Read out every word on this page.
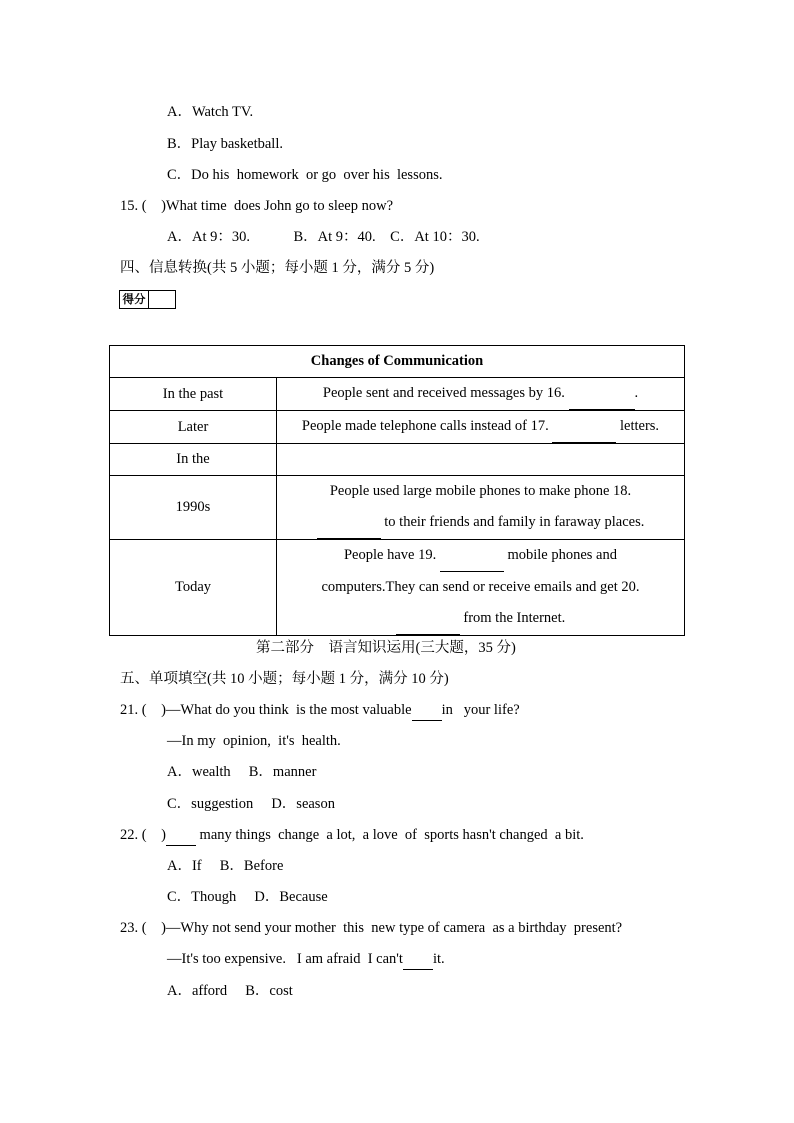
A．Watch TV.
B．Play basketball.
C．Do his  homework  or go  over his  lessons.
15. (    )What time  does John go to sleep now?
A．At 9：30.            B．At 9：40.    C．At 10：30.
四、信息转换(共 5 小题；每小题 1 分，满分 5 分)
得分
Changes of Communication	
In the past	People sent and received messages by 16. .
Later	People made telephone calls instead of 17. letters.
In the	
1990s	People used large mobile phones to make phone 18.
to their friends and family in faraway places.

Today	People have 19. mobile phones and
computers.They can send or receive emails and get 20.
from the Internet.
第二部分    语言知识运用(三大题，35 分)
五、单项填空(共 10 小题；每小题 1 分，满分 10 分)
21. (    )—What do you think  is the most valuable in   your life?
—In my  opinion,  it's  health.
A．wealth     B．manner
C．suggestion     D．season
22. (    ) many things  change  a lot,  a love  of  sports hasn't changed  a bit.
A．If     B．Before
C．Though     D．Because
23. (    )—Why not send your mother  this  new type of camera  as a birthday  present?
—It's too expensive.   I am afraid  I can't it.
A．afford     B．cost
